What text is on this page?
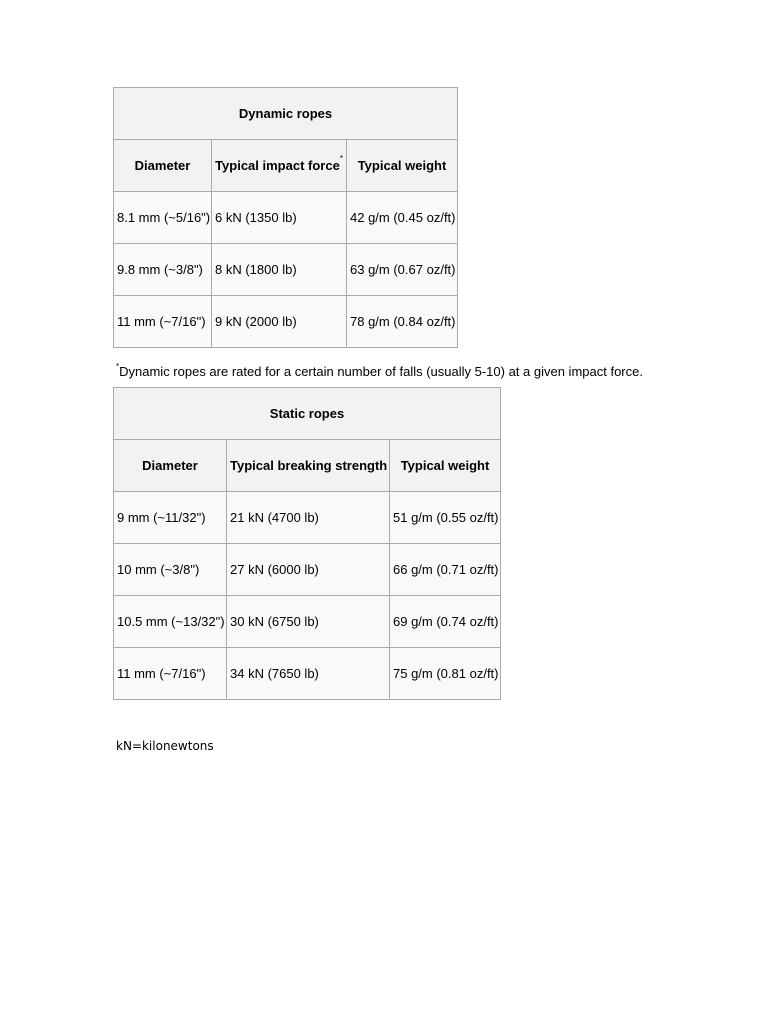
Dynamic ropes		
Diameter	Typical impact force*	Typical weight
8.1 mm (~5/16")	6 kN (1350 lb)	42 g/m (0.45 oz/ft)
9.8 mm (~3/8")	8 kN (1800 lb)	63 g/m (0.67 oz/ft)
11 mm (~7/16")	9 kN (2000 lb)	78 g/m (0.84 oz/ft)
*Dynamic ropes are rated for a certain number of falls (usually 5-10) at a given impact force.
Static ropes		
Diameter	Typical breaking strength	Typical weight
9 mm (~11/32")	21 kN (4700 lb)	51 g/m (0.55 oz/ft)
10 mm (~3/8")	27 kN (6000 lb)	66 g/m (0.71 oz/ft)
10.5 mm (~13/32")	30 kN (6750 lb)	69 g/m (0.74 oz/ft)
11 mm (~7/16")	34 kN (7650 lb)	75 g/m (0.81 oz/ft)
kN=kilonewtons
